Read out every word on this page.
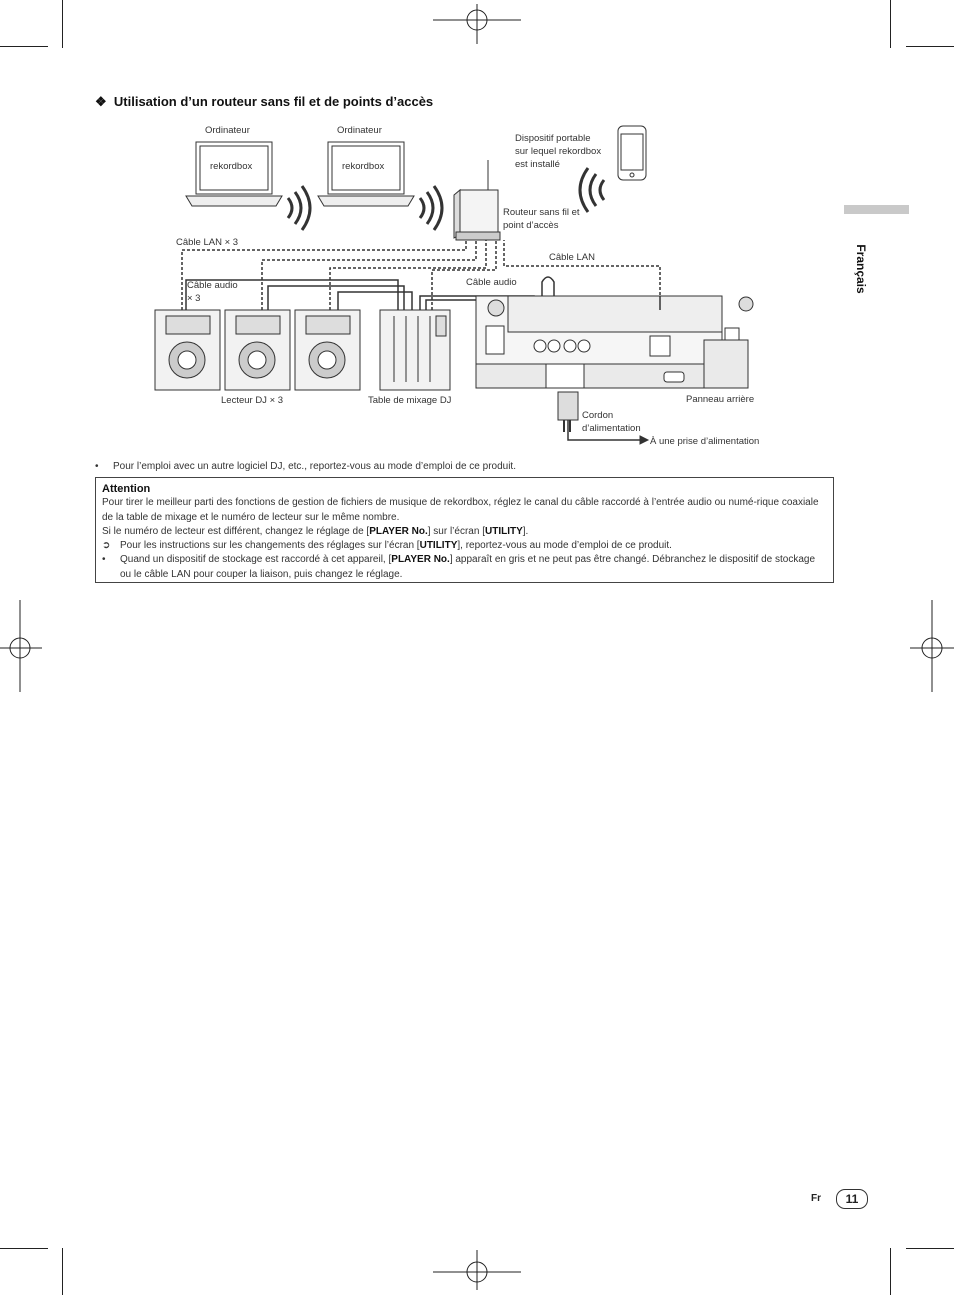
❖ Utilisation d’un routeur sans fil et de points d’accès
Ordinateur	Ordinateur
rekordbox	rekordbox
Dispositif portable
sur lequel rekordbox
est installé
Routeur sans fil et
point d’accès
Câble LAN × 3
Câble LAN
Câble audio
× 3
Câble audio
Lecteur DJ × 3	Table de mixage DJ	Panneau arrière
Cordon
d’alimentation
À une prise d’alimentation
• Pour l’emploi avec un autre logiciel DJ, etc., reportez-vous au mode d’emploi de ce produit.
Attention
Pour tirer le meilleur parti des fonctions de gestion de fichiers de musique de rekordbox, réglez le canal du câble raccordé à l’entrée audio ou numé-rique coaxiale de la table de mixage et le numéro de lecteur sur le même nombre.
Si le numéro de lecteur est différent, changez le réglage de [PLAYER No.] sur l’écran [UTILITY].
➲ Pour les instructions sur les changements des réglages sur l’écran [UTILITY], reportez-vous au mode d’emploi de ce produit.
• Quand un dispositif de stockage est raccordé à cet appareil, [PLAYER No.] apparaît en gris et ne peut pas être changé. Débranchez le dispositif de stockage ou le câble LAN pour couper la liaison, puis changez le réglage.
Français
Fr	11
